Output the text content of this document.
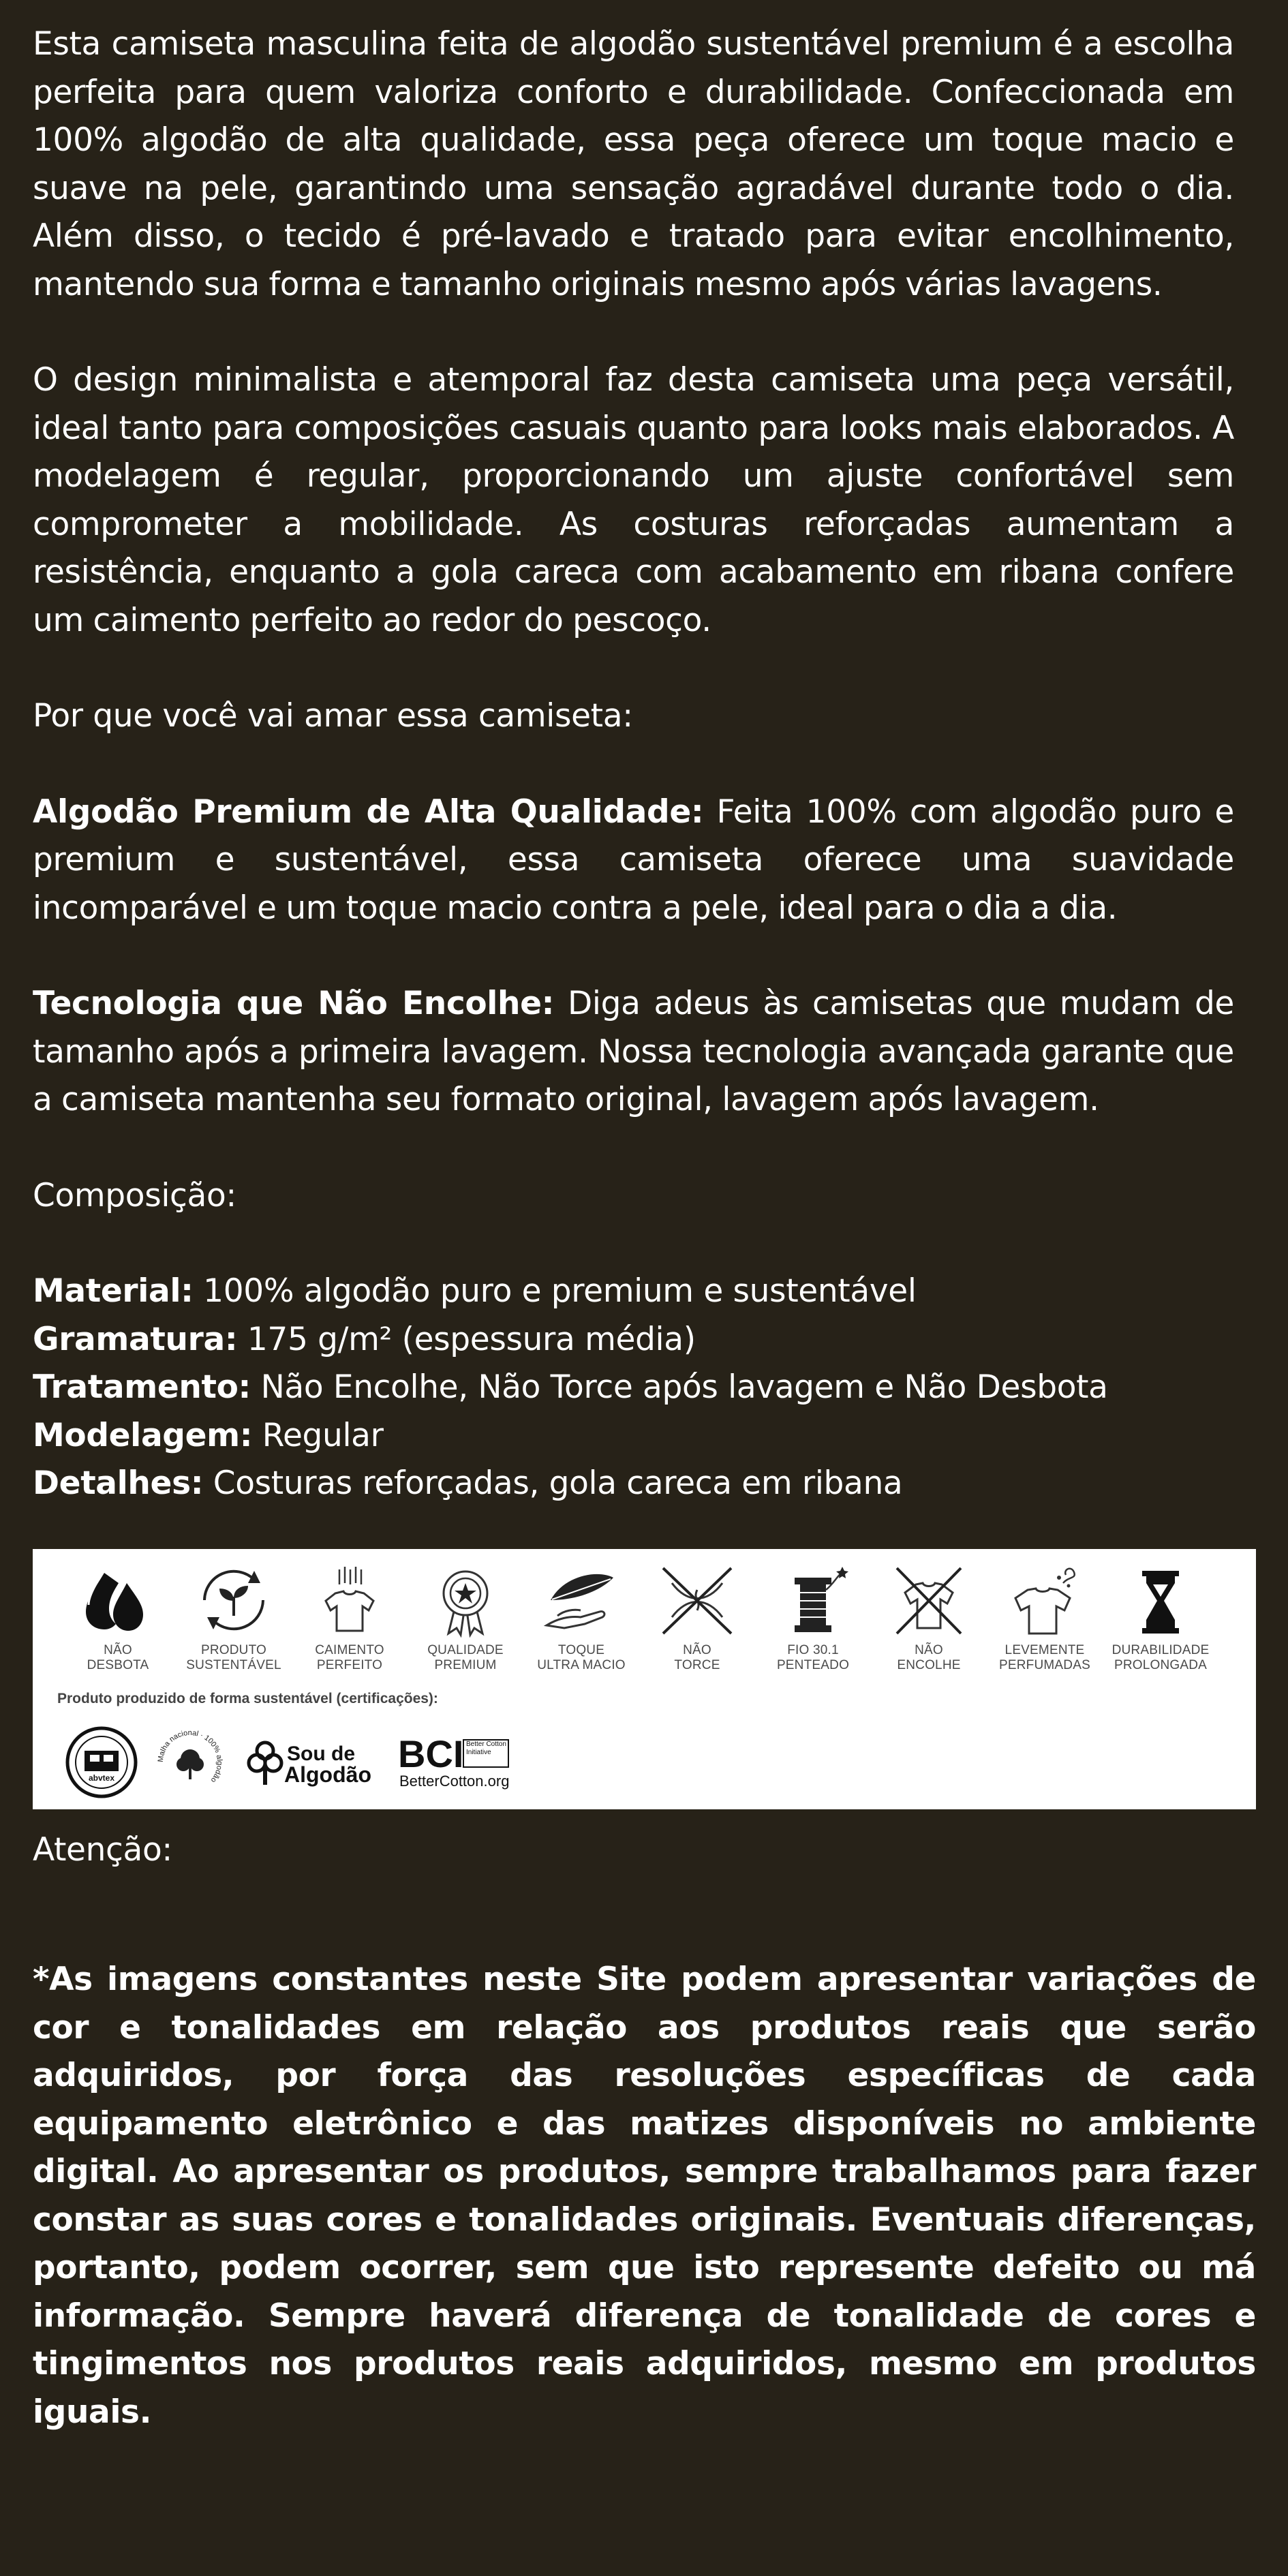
Esta camiseta masculina feita de algodão sustentável premium é a escolha perfeita para quem valoriza conforto e durabilidade. Confeccionada em 100% algodão de alta qualidade, essa peça oferece um toque macio e suave na pele, garantindo uma sensação agradável durante todo o dia. Além disso, o tecido é pré-lavado e tratado para evitar encolhimento, mantendo sua forma e tamanho originais mesmo após várias lavagens.

O design minimalista e atemporal faz desta camiseta uma peça versátil, ideal tanto para composições casuais quanto para looks mais elaborados. A modelagem é regular, proporcionando um ajuste confortável sem comprometer a mobilidade. As costuras reforçadas aumentam a resistência, enquanto a gola careca com acabamento em ribana confere um caimento perfeito ao redor do pescoço.

Por que você vai amar essa camiseta:

Algodão Premium de Alta Qualidade: Feita 100% com algodão puro e premium e sustentável, essa camiseta oferece uma suavidade incomparável e um toque macio contra a pele, ideal para o dia a dia.

Tecnologia que Não Encolhe: Diga adeus às camisetas que mudam de tamanho após a primeira lavagem. Nossa tecnologia avançada garante que a camiseta mantenha seu formato original, lavagem após lavagem.

Composição:

Material: 100% algodão puro e premium e sustentável

Gramatura: 175 g/m² (espessura média)

Tratamento: Não Encolhe, Não Torce após lavagem e Não Desbota

Modelagem: Regular

Detalhes: Costuras reforçadas, gola careca em ribana

NÃO
DESBOTA
PRODUTO
SUSTENTÁVEL
CAIMENTO
PERFEITO
QUALIDADE
PREMIUM
TOQUE
ULTRA MACIO
NÃO
TORCE
FIO 30.1
PENTEADO
NÃO
ENCOLHE
LEVEMENTE
PERFUMADAS
DURABILIDADE
PROLONGADA
Produto produzido de forma sustentável (certificações):
abvtex
Malha nacional · 100% algodão
Sou de
Algodão BCI Better Cotton Initiative
BetterCotton.org

Atenção:

*As imagens constantes neste Site podem apresentar variações de cor e tonalidades em relação aos produtos reais que serão adquiridos, por força das resoluções específicas de cada equipamento eletrônico e das matizes disponíveis no ambiente digital. Ao apresentar os produtos, sempre trabalhamos para fazer constar as suas cores e tonalidades originais. Eventuais diferenças, portanto, podem ocorrer, sem que isto represente defeito ou má informação. Sempre haverá diferença de tonalidade de cores e tingimentos nos produtos reais adquiridos, mesmo em produtos iguais.
